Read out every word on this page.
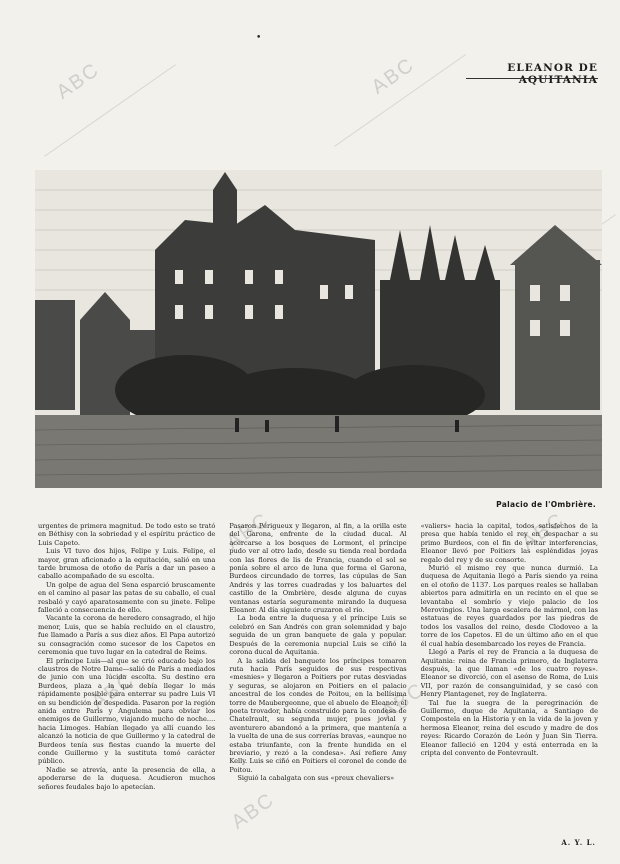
•
ELEANOR DE AQUITANIA
ABC	ABC
ABC	ABC
ABC	ABC
ABC
Palacio de l'Ombrière.

urgentes de primera magnitud. De todo esto se trató en Béthisy con la sobriedad y el espíritu práctico de Luis Capeto.

Luis VI tuvo dos hijos, Felipe y Luis. Felipe, el mayor, gran aficionado a la equitación, salió en una tarde brumosa de otoño de París a dar un paseo a caballo acompañado de su escolta.

Un golpe de agua del Sena esparció bruscamente en el camino al pasar las patas de su caballo, el cual resbaló y cayó aparatosamente con su jinete. Felipe falleció a consecuencia de ello.

Vacante la corona de heredero consagrado, el hijo menor, Luis, que se había recluido en el claustro, fue llamado a París a sus diez años. El Papa autorizó su consagración como sucesor de los Capetos en ceremonia que tuvo lugar en la catedral de Reims.

El príncipe Luis—al que se crió educado bajo los claustros de Notre Dame—salió de París a mediados de junio con una lúcida escolta. Su destino era Burdeos, plaza a la que debía llegar lo más rápidamente posible para enterrar su padre Luis VI en su bendición de despedida. Pasaron por la región anida entre París y Angulema para obviar los enemigos de Guillermo, viajando mucho de noche.... hacia Limoges. Habían llegado ya allí cuando les alcanzó la noticia de que Guillermo y la catedral de Burdeos tenía sus fiestas cuando la muerte del conde Guillermo y la sustituta tomó carácter público.

Nadie se atrevía, ante la presencia de ella, a apoderarse de la duquesa. Acudieron muchos señores feudales bajo lo apetecían.

Pasaron Périgueux y llegaron, al fin, a la orilla este del Garona, enfrente de la ciudad ducal. Al acercarse a los bosques de Lormont, el príncipe pudo ver al otro lado, desde su tienda real bordada con las flores de lis de Francia, cuando el sol se ponía sobre el arco de luna que forma el Garona, Burdeos circundado de torres, las cúpulas de San Andrés y las torres cuadradas y los baluartes del castillo de la Ombrière, desde alguna de cuyas ventanas estaría seguramente mirando la duquesa Eleanor. Al día siguiente cruzaron el río.

La boda entre la duquesa y el príncipe Luis se celebró en San Andrés con gran solemnidad y bajo seguida de un gran banquete de gala y popular. Después de la ceremonia nupcial Luis se ciñó la corona ducal de Aquitania.

A la salida del banquete los príncipes tomaron ruta hacia París seguidos de sus respectivas «mesnies» y llegaron a Poitiers por rutas desviadas y seguras, se alojaron en Poitiers en el palacio ancestral de los condes de Poitou, en la bellísima torre de Maubergeonne, que el abuelo de Eleanor, el poeta trovador, había construido para la condesa de Chatelrault, su segunda mujer, pues jovial y aventurero abandonó a la primera, que mantenía a la vuelta de una de sus correrías bravas, «aunque no estaba triunfante, con la frente hundida en el breviario, y rezó a la condesa». Así refiere Amy Kelly. Luis se ciñó en Poitiers el coronel de conde de Poitou.

Siguió la cabalgata con sus «preux chevaliers»

«valiers» hacia la capital, todos satisfechos de la presa que había tenido el rey en despachar a su primo Burdeos, con el fin de evitar interferencias, Eleanor llevó por Poitiers las espléndidas joyas regalo del rey y de su consorte.

Murió el mismo rey que nunca durmió. La duquesa de Aquitania llegó a París siendo ya reina en el otoño de 1137. Los parques reales se hallaban abiertos para admitirla en un recinto en el que se levantaba el sombrío y viejo palacio de los Merovingios. Una larga escalera de mármol, con las estatuas de reyes guardados por las piedras de todos los vasallos del reino, desde Clodoveo a la torre de los Capetos. El de un último año en el que él cual había desembarcado los reyes de Francia.

Llegó a París el rey de Francia a la duquesa de Aquitania: reina de Francia primero, de Inglaterra después, la que llaman «de los cuatro reyes». Eleanor se divorció, con el asenso de Roma, de Luis VII, por razón de consanguinidad, y se casó con Henry Plantagenet, rey de Inglaterra.

Tal fue la suegra de la peregrinación de Guillermo, duque de Aquitania, a Santiago de Compostela en la Historia y en la vida de la joven y hermosa Eleanor, reina del escudo y madre de dos reyes: Ricardo Corazón de León y Juan Sin Tierra. Eleanor falleció en 1204 y está enterrada en la cripta del convento de Fontevrault.

A. Y. L.
